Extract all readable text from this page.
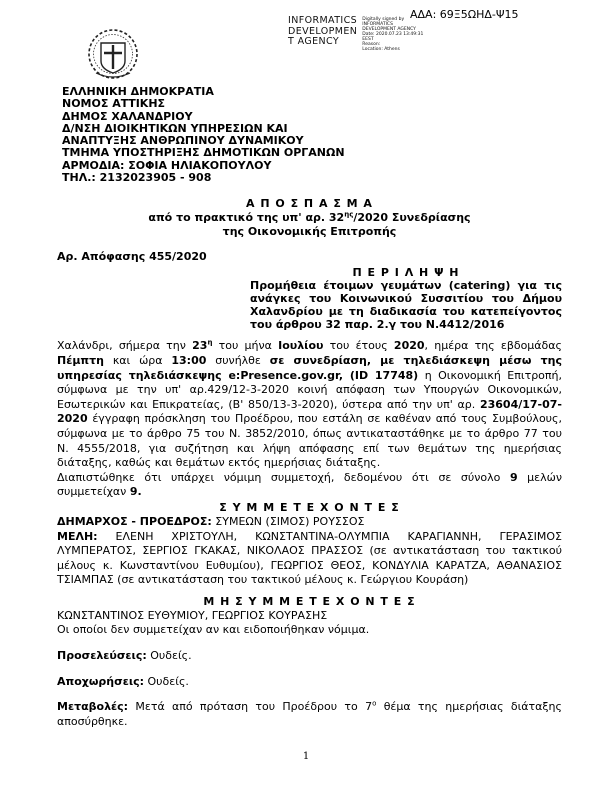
ΑΔΑ: 69Ξ5ΩΗΔ-Ψ15
INFORMATICS
DEVELOPMEN
T AGENCY
Digitally signed by
INFORMATICS
DEVELOPMENT AGENCY
Date: 2020.07.23 13:49:31
EEST
Reason:
Location: Athens
ΕΛΛΗΝΙΚΗ ΔΗΜΟΚΡΑΤΙΑ
ΝΟΜΟΣ ΑΤΤΙΚΗΣ
ΔΗΜΟΣ ΧΑΛΑΝΔΡΙΟΥ
Δ/ΝΣΗ ΔΙΟΙΚΗΤΙΚΩΝ ΥΠΗΡΕΣΙΩΝ ΚΑΙ
ΑΝΑΠΤΥΞΗΣ ΑΝΘΡΩΠΙΝΟΥ ΔΥΝΑΜΙΚΟΥ
ΤΜΗΜΑ ΥΠΟΣΤΗΡΙΞΗΣ ΔΗΜΟΤΙΚΩΝ ΟΡΓΑΝΩΝ
ΑΡΜΟΔΙΑ: ΣΟΦΙΑ ΗΛΙΑΚΟΠΟΥΛΟΥ
ΤΗΛ.: 2132023905 - 908
Α Π Ο Σ Π Α Σ Μ Α
από το πρακτικό της υπ' αρ. $32^{\eta\varsigma}/2020$ Συνεδρίασης
της Οικονομικής Επιτροπής
Αρ. Απόφασης 455/2020
Π Ε Ρ Ι Λ Η Ψ Η
Προμήθεια έτοιμων γευμάτων (catering) για τις ανάγκες του Κοινωνικού Συσσιτίου του Δήμου Χαλανδρίου με τη διαδικασία του κατεπείγοντος του άρθρου 32 παρ. 2.γ του Ν.4412/2016
Χαλάνδρι, σήμερα την $23^\eta$ του μήνα Ιουλίου του έτους 2020, ημέρα της εβδομάδας Πέμπτη και ώρα 13:00 συνήλθε σε συνεδρίαση, με τηλεδιάσκεψη μέσω της υπηρεσίας τηλεδιάσκεψης e:Presence.gov.gr, (ID 17748) η Οικονομική Επιτροπή, σύμφωνα με την υπ' αρ.429/12-3-2020 κοινή απόφαση των Υπουργών Οικονομικών, Εσωτερικών και Επικρατείας, (Β' 850/13-3-2020), ύστερα από την υπ' αρ. 23604/17-07-2020 έγγραφη πρόσκληση του Προέδρου, που εστάλη σε καθέναν από τους Συμβούλους, σύμφωνα με το άρθρο 75 του Ν. 3852/2010, όπως αντικαταστάθηκε με το άρθρο 77 του Ν. 4555/2018, για συζήτηση και λήψη απόφασης επί των θεμάτων της ημερήσιας διάταξης, καθώς και θεμάτων εκτός ημερήσιας διάταξης.
Διαπιστώθηκε ότι υπάρχει νόμιμη συμμετοχή, δεδομένου ότι σε σύνολο 9 μελών συμμετείχαν 9.
Σ Υ Μ Μ Ε Τ Ε Χ Ο Ν Τ Ε Σ
ΔΗΜΑΡΧΟΣ - ΠΡΟΕΔΡΟΣ: ΣΥΜΕΩΝ (ΣΙΜΟΣ) ΡΟΥΣΣΟΣ
ΜΕΛΗ: ΕΛΕΝΗ ΧΡΙΣΤΟΥΛΗ, ΚΩΝΣΤΑΝΤΙΝΑ-ΟΛΥΜΠΙΑ ΚΑΡΑΓΙΑΝΝΗ, ΓΕΡΑΣΙΜΟΣ ΛΥΜΠΕΡΑΤΟΣ, ΣΕΡΓΙΟΣ ΓΚΑΚΑΣ, ΝΙΚΟΛΑΟΣ ΠΡΑΣΣΟΣ (σε αντικατάσταση του τακτικού μέλους κ. Κωνσταντίνου Ευθυμίου), ΓΕΩΡΓΙΟΣ ΘΕΟΣ, ΚΟΝΔΥΛΙΑ ΚΑΡΑΤΖΑ, ΑΘΑΝΑΣΙΟΣ ΤΣΙΑΜΠΑΣ (σε αντικατάσταση του τακτικού μέλους κ. Γεώργιου Κουράση)
Μ Η Σ Υ Μ Μ Ε Τ Ε Χ Ο Ν Τ Ε Σ
ΚΩΝΣΤΑΝΤΙΝΟΣ ΕΥΘΥΜΙΟΥ, ΓΕΩΡΓΙΟΣ ΚΟΥΡΑΣΗΣ
Οι οποίοι δεν συμμετείχαν αν και ειδοποιήθηκαν νόμιμα.
Προσελεύσεις: Ουδείς.
Αποχωρήσεις: Ουδείς.
Μεταβολές: Μετά από πρόταση του Προέδρου το $7^o$ θέμα της ημερήσιας διάταξης αποσύρθηκε.
1
